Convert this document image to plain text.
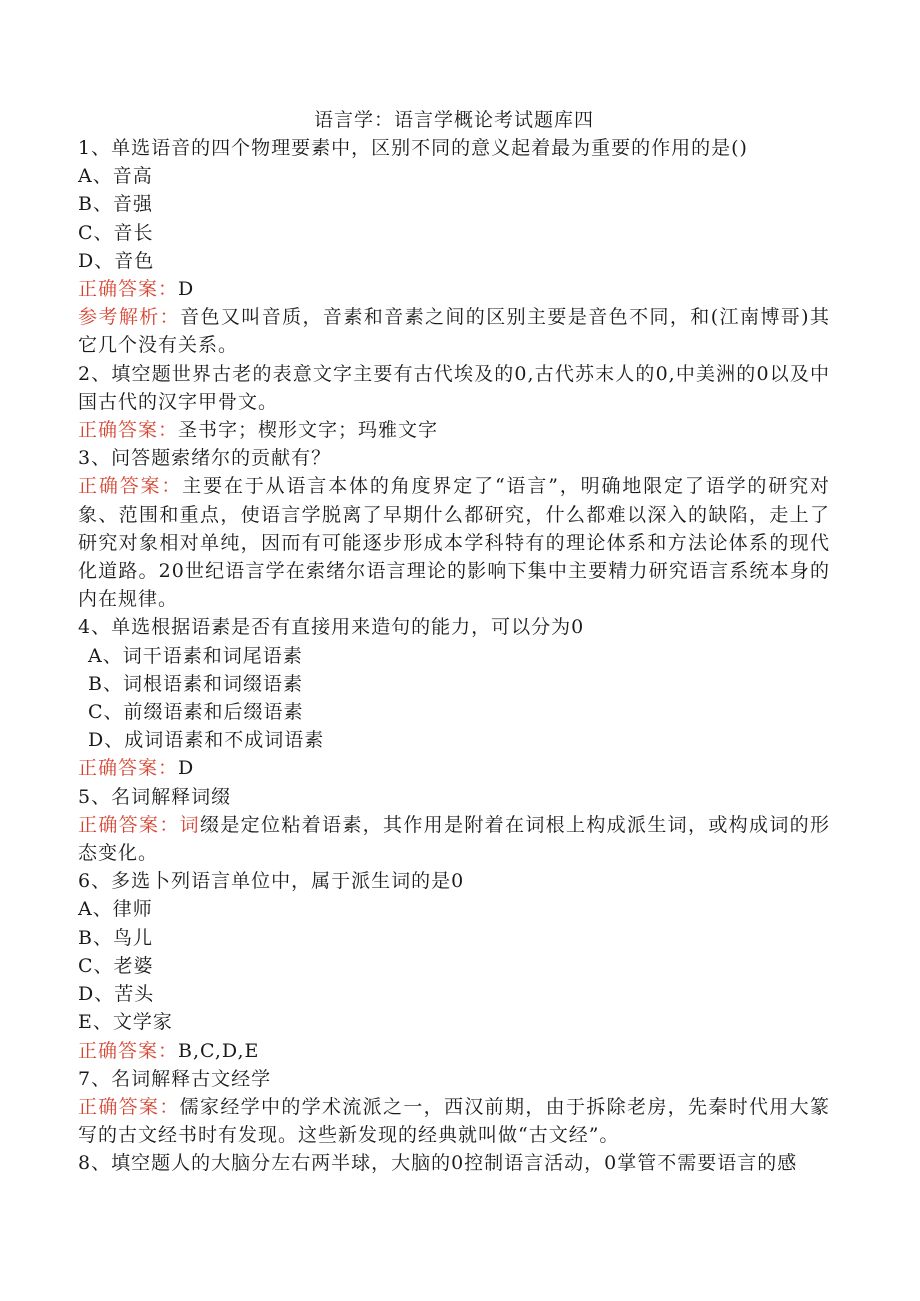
语言学：语言学概论考试题库四

1、单选语音的四个物理要素中，区别不同的意义起着最为重要的作用的是()

A、音高

B、音强

C、音长

D、音色

正确答案：D

参考解析：音色又叫音质，音素和音素之间的区别主要是音色不同，和(江南博哥)其它几个没有关系。

2、填空题世界古老的表意文字主要有古代埃及的0,古代苏末人的0,中美洲的0以及中国古代的汉字甲骨文。

正确答案：圣书字；楔形文字；玛雅文字

3、问答题索绪尔的贡献有？

正确答案：主要在于从语言本体的角度界定了“语言”，明确地限定了语学的研究对象、范围和重点，使语言学脱离了早期什么都研究，什么都难以深入的缺陷，走上了研究对象相对单纯，因而有可能逐步形成本学科特有的理论体系和方法论体系的现代化道路。20世纪语言学在索绪尔语言理论的影响下集中主要精力研究语言系统本身的内在规律。

4、单选根据语素是否有直接用来造句的能力，可以分为0

A、词干语素和词尾语素

B、词根语素和词缀语素

C、前缀语素和后缀语素

D、成词语素和不成词语素

正确答案：D

5、名词解释词缀

正确答案：词缀是定位粘着语素，其作用是附着在词根上构成派生词，或构成词的形态变化。

6、多选卜列语言单位中，属于派生词的是0

A、律师

B、鸟儿

C、老婆

D、苦头

E、文学家

正确答案：B,C,D,E

7、名词解释古文经学

正确答案：儒家经学中的学术流派之一，西汉前期，由于拆除老房，先秦时代用大篆写的古文经书时有发现。这些新发现的经典就叫做“古文经”。

8、填空题人的大脑分左右两半球，大脑的0控制语言活动，0掌管不需要语言的感
